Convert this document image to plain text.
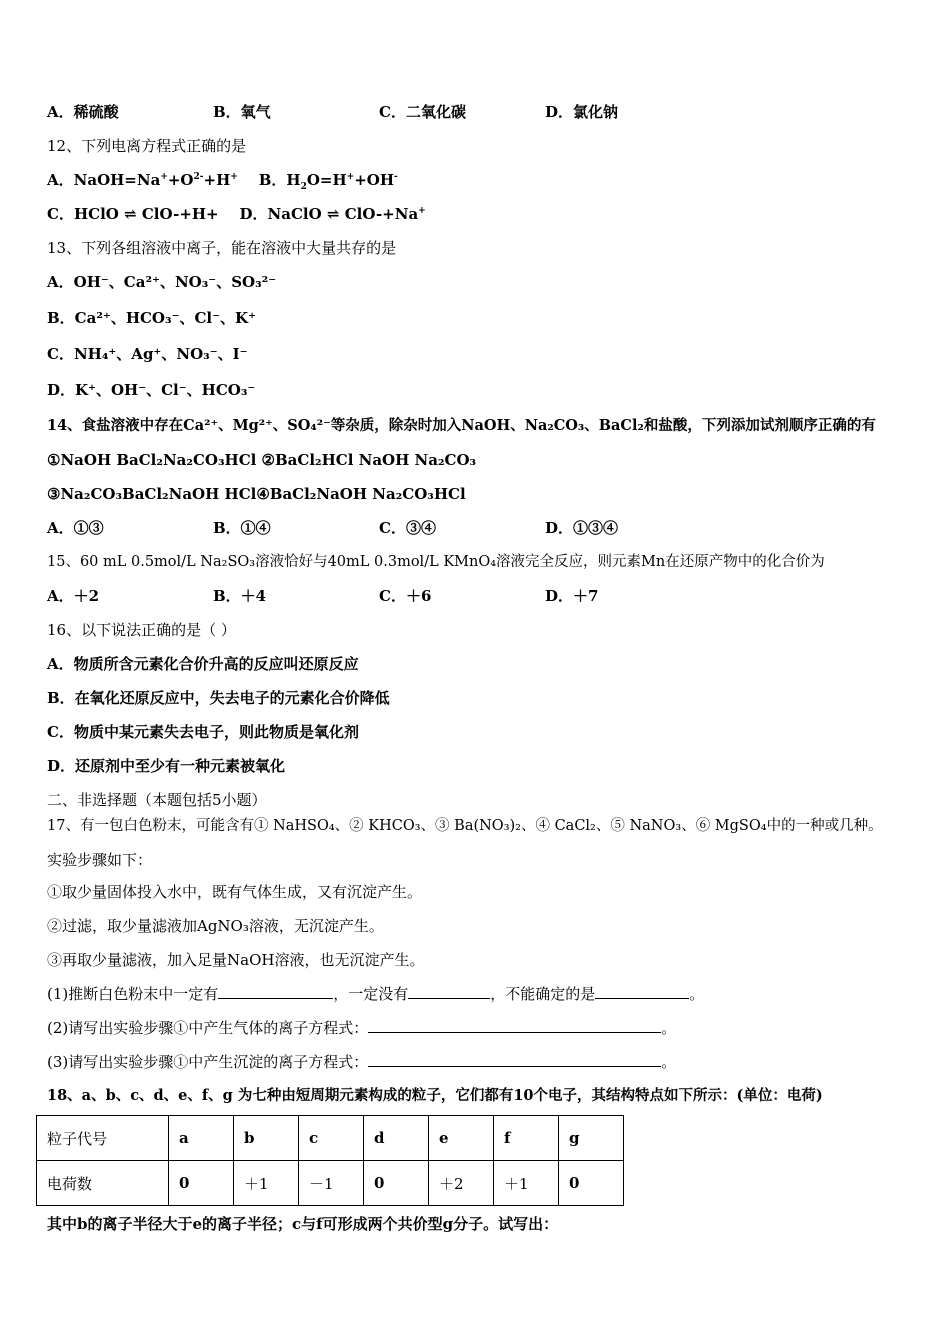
A．稀硫酸	B．氧气	C．二氧化碳	D．氯化钠
12、下列电离方程式正确的是
A．$NaOH=Na^++O^{2-}+H^+$ B．$H_2O=H^++OH^-$
C．HClO ⇌ ClO-+H+ D．NaClO ⇌ ClO-+Na+
13、下列各组溶液中离子，能在溶液中大量共存的是
A．OH⁻、Ca²⁺、NO₃⁻、SO₃²⁻
B．Ca²⁺、HCO₃⁻、Cl⁻、K⁺
C．NH₄⁺、Ag⁺、NO₃⁻、I⁻
D．K⁺、OH⁻、Cl⁻、HCO₃⁻
14、食盐溶液中存在Ca²⁺、Mg²⁺、SO₄²⁻等杂质，除杂时加入NaOH、Na₂CO₃、BaCl₂和盐酸，下列添加试剂顺序正确的有
①NaOH BaCl₂Na₂CO₃HCl ②BaCl₂HCl NaOH Na₂CO₃
③Na₂CO₃BaCl₂NaOH HCl④BaCl₂NaOH Na₂CO₃HCl
A．①③	B．①④	C．③④	D．①③④
15、60 mL 0.5mol/L Na₂SO₃溶液恰好与40mL 0.3mol/L KMnO₄溶液完全反应，则元素Mn在还原产物中的化合价为
A．＋2	B．＋4	C．＋6	D．＋7
16、以下说法正确的是（ ）
A．物质所含元素化合价升高的反应叫还原反应
B．在氧化还原反应中，失去电子的元素化合价降低
C．物质中某元素失去电子，则此物质是氧化剂
D．还原剂中至少有一种元素被氧化
二、非选择题（本题包括5小题）
17、有一包白色粉末，可能含有① NaHSO₄、② KHCO₃、③ Ba(NO₃)₂、④ CaCl₂、⑤ NaNO₃、⑥ MgSO₄中的一种或几种。
实验步骤如下：
①取少量固体投入水中，既有气体生成，又有沉淀产生。
②过滤，取少量滤液加AgNO₃溶液，无沉淀产生。
③再取少量滤液，加入足量NaOH溶液，也无沉淀产生。
(1)推断白色粉末中一定有	，一定没有	，不能确定的是	。
(2)请写出实验步骤①中产生气体的离子方程式：	。
(3)请写出实验步骤①中产生沉淀的离子方程式：	。
18、a、b、c、d、e、f、g 为七种由短周期元素构成的粒子，它们都有10个电子，其结构特点如下所示：(单位：电荷)
粒子代号	a	b	c	d	e	f	g
电荷数	0	＋1	－1	0	＋2	＋1	0
其中b的离子半径大于e的离子半径；c与f可形成两个共价型g分子。试写出：
